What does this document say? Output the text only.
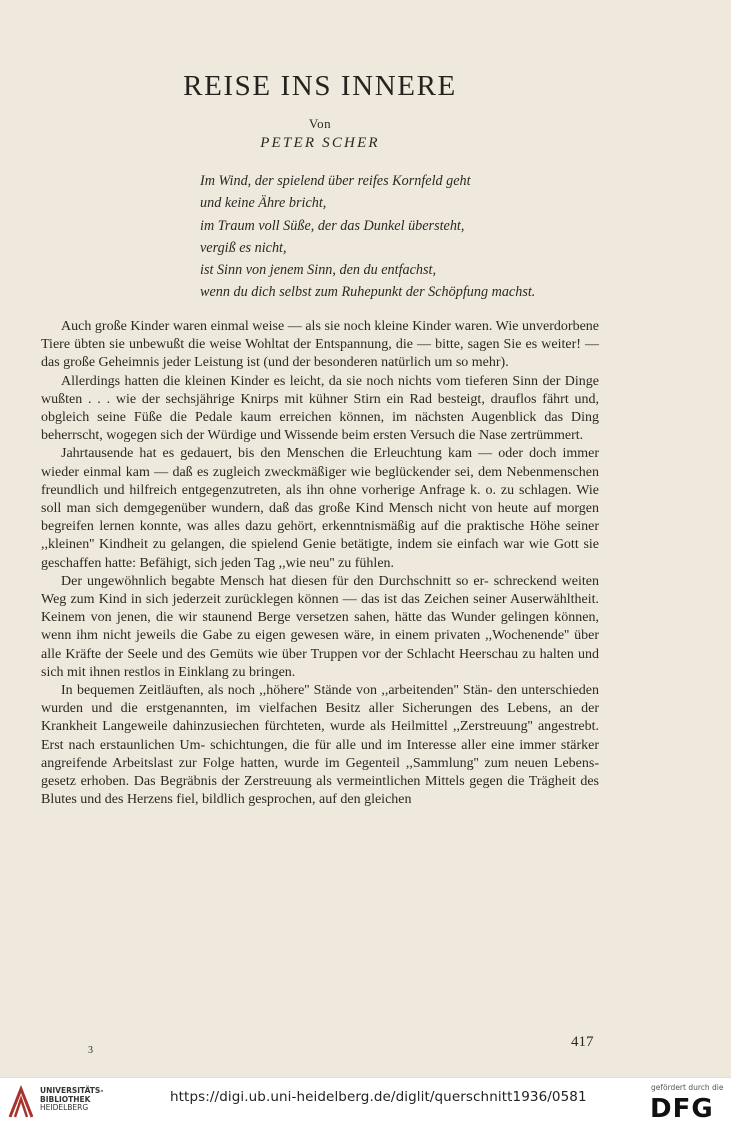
REISE INS INNERE
Von
PETER SCHER
Im Wind, der spielend über reifes Kornfeld geht
und keine Ähre bricht,
im Traum voll Süße, der das Dunkel übersteht,
vergiß es nicht,
ist Sinn von jenem Sinn, den du entfachst,
wenn du dich selbst zum Ruhepunkt der Schöpfung machst.

Auch große Kinder waren einmal weise — als sie noch kleine Kinder waren. Wie unverdorbene Tiere übten sie unbewußt die weise Wohltat der Entspannung, die — bitte, sagen Sie es weiter! — das große Geheimnis jeder Leistung ist (und der besonderen natürlich um so mehr).

Allerdings hatten die kleinen Kinder es leicht, da sie noch nichts vom tieferen Sinn der Dinge wußten . . . wie der sechsjährige Knirps mit kühner Stirn ein Rad besteigt, drauflos fährt und, obgleich seine Füße die Pedale kaum erreichen können, im nächsten Augenblick das Ding beherrscht, wogegen sich der Würdige und Wissende beim ersten Versuch die Nase zertrümmert.

Jahrtausende hat es gedauert, bis den Menschen die Erleuchtung kam — oder doch immer wieder einmal kam — daß es zugleich zweckmäßiger wie beglückender sei, dem Nebenmenschen freundlich und hilfreich entgegenzutreten, als ihn ohne vorherige Anfrage k. o. zu schlagen. Wie soll man sich demgegenüber wundern, daß das große Kind Mensch nicht von heute auf morgen begreifen lernen konnte, was alles dazu gehört, erkenntnismäßig auf die praktische Höhe seiner ,,kleinen'' Kindheit zu gelangen, die spielend Genie betätigte, indem sie einfach war wie Gott sie geschaffen hatte: Befähigt, sich jeden Tag ,,wie neu'' zu fühlen.

Der ungewöhnlich begabte Mensch hat diesen für den Durchschnitt so er- schreckend weiten Weg zum Kind in sich jederzeit zurücklegen können — das ist das Zeichen seiner Auserwähltheit. Keinem von jenen, die wir staunend Berge versetzen sahen, hätte das Wunder gelingen können, wenn ihm nicht jeweils die Gabe zu eigen gewesen wäre, in einem privaten ,,Wochenende'' über alle Kräfte der Seele und des Gemüts wie über Truppen vor der Schlacht Heerschau zu halten und sich mit ihnen restlos in Einklang zu bringen.

In bequemen Zeitläuften, als noch ,,höhere'' Stände von ,,arbeitenden'' Stän- den unterschieden wurden und die erstgenannten, im vielfachen Besitz aller Sicherungen des Lebens, an der Krankheit Langeweile dahinzusiechen fürchteten, wurde als Heilmittel ,,Zerstreuung'' angestrebt. Erst nach erstaunlichen Um- schichtungen, die für alle und im Interesse aller eine immer stärker angreifende Arbeitslast zur Folge hatten, wurde im Gegenteil ,,Sammlung'' zum neuen Lebens- gesetz erhoben. Das Begräbnis der Zerstreuung als vermeintlichen Mittels gegen die Trägheit des Blutes und des Herzens fiel, bildlich gesprochen, auf den gleichen

3
417
UNIVERSITÄTS-
BIBLIOTHEK
HEIDELBERG
https://digi.ub.uni-heidelberg.de/diglit/querschnitt1936/0581
gefördert durch die
DFG
